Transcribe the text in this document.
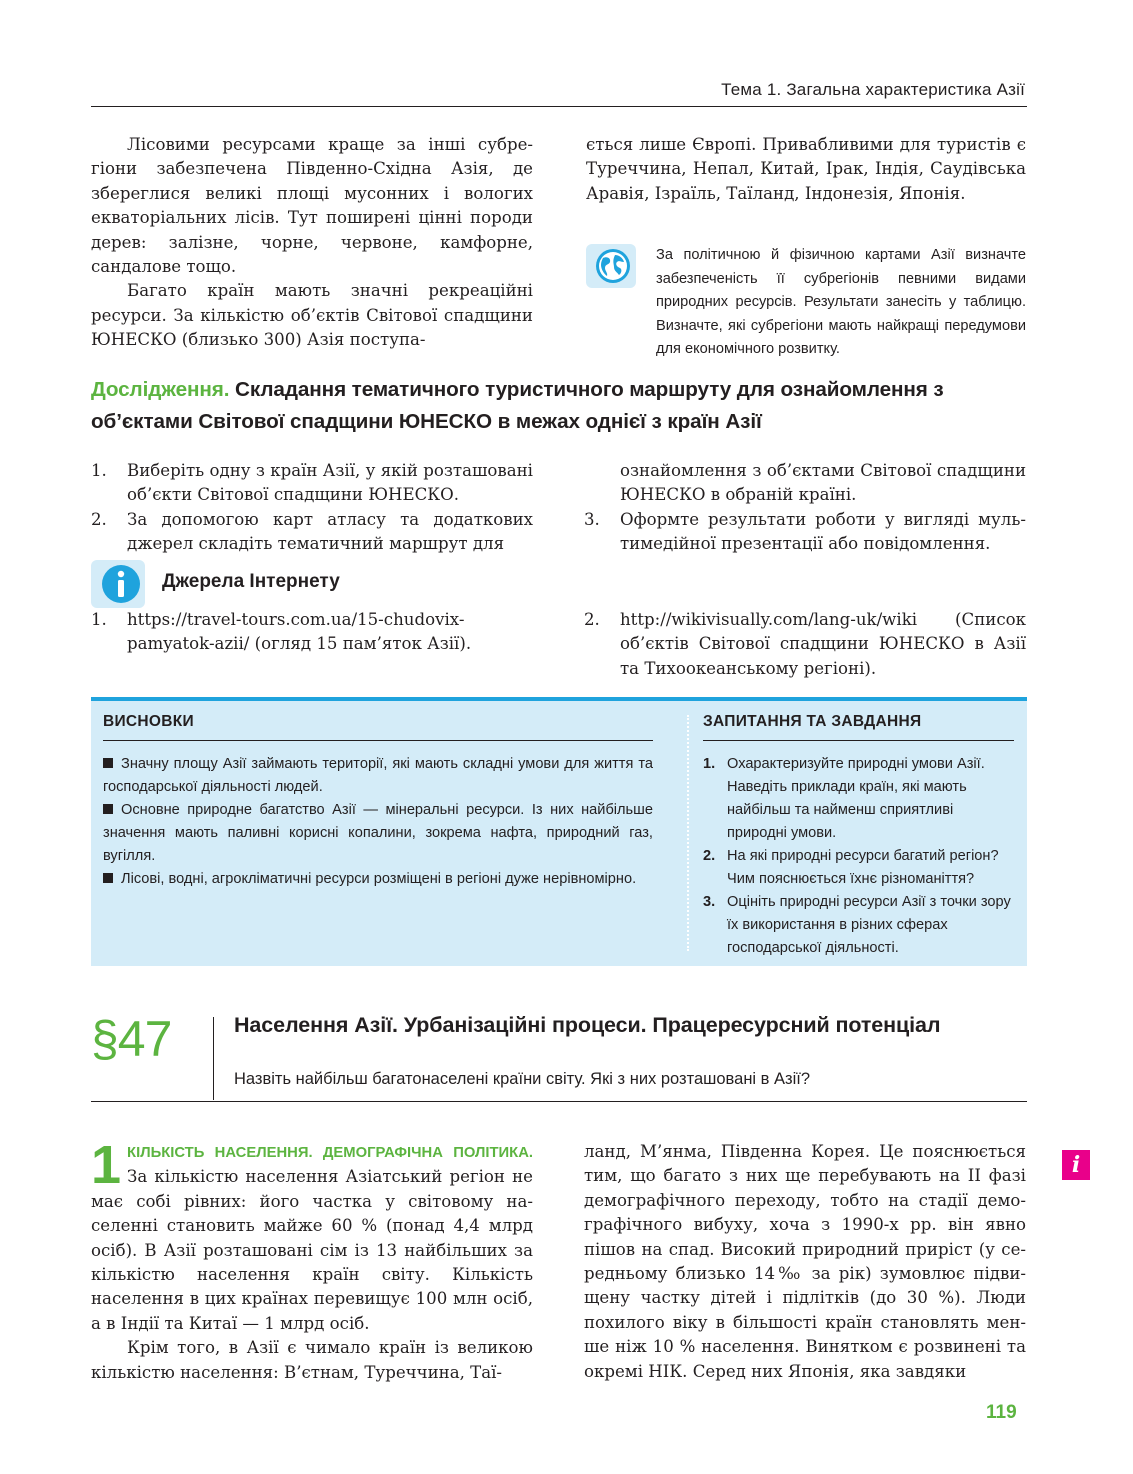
Тема 1. Загальна характеристика Азії

Лісовими ресурсами краще за інші субрегіони забезпечена Південно-Східна Азія, де збереглися великі площі мусонних і вологих екваторіальних лісів. Тут поширені цінні породи дерев: залізне, чорне, червоне, камфорне, сандалове тощо.

Багато країн мають значні рекреаційні ресурси. За кількістю об’єктів Світової спадщини ЮНЕСКО (близько 300) Азія поступа-

ється лише Європі. Привабливими для туристів є Туреччина, Непал, Китай, Ірак, Індія, Саудівська Аравія, Ізраїль, Таїланд, Індонезія, Японія.

За політичною й фізичною картами Азії визначте забезпеченість її субрегіонів певними видами природних ресурсів. Результати занесіть у таблицю. Визначте, які субрегіони мають найкращі передумови для економічного розвитку.

Дослідження. Складання тематичного туристичного маршруту для ознайомлення з об’єктами Світової спадщини ЮНЕСКО в межах однієї з країн Азії

1. Виберіть одну з країн Азії, у якій розташовані об’єкти Світової спадщини ЮНЕСКО.
2. За допомогою карт атласу та додаткових джерел складіть тематичний маршрут для
ознайомлення з об’єктами Світової спадщини ЮНЕСКО в обраній країні.
3. Оформте результати роботи у вигляді мультимедійної презентації або повідомлення.
Джерела Інтернету
1. https://travel-tours.com.ua/15-chudovix-pamyatok-azii/ (огляд 15 пам’яток Азії).
2. http://wikivisually.com/lang-uk/wiki (Список об’єктів Світової спадщини ЮНЕСКО в Азії та Тихоокеанському регіоні).
ВИСНОВКИ

Значну площу Азії займають території, які мають складні умови для життя та господарської діяльності людей.

Основне природне багатство Азії — мінеральні ресурси. Із них найбільше значення мають паливні корисні копалини, зокрема нафта, природний газ, вугілля.

Лісові, водні, агрокліматичні ресурси розміщені в регіоні дуже нерівномірно.

ЗАПИТАННЯ ТА ЗАВДАННЯ
1. Охарактеризуйте природні умови Азії. Наведіть приклади країн, які мають найбільш та найменш сприятливі природні умови.
2. На які природні ресурси багатий регіон? Чим пояснюється їхнє різноманіття?
3. Оцініть природні ресурси Азії з точки зору їх використання в різних сферах господарської діяльності.
§47	Населення Азії. Урбанізаційні процеси. Працересурсний потенціал
Назвіть найбільш багатонаселені країни світу. Які з них розташовані в Азії?

1 КІЛЬКІСТЬ НАСЕЛЕННЯ. ДЕМОГРАФІЧНА ПОЛІТИКА. За кількістю населення Азіатський регіон не має собі рівних: його частка у світовому населенні становить майже 60 % (понад 4,4 млрд осіб). В Азії розташовані сім із 13 найбільших за кількістю населення країн світу. Кількість населення в цих країнах перевищує 100 млн осіб, а в Індії та Китаї — 1 млрд осіб.

Крім того, в Азії є чимало країн із великою кількістю населення: В’єтнам, Туреччина, Таї-

ланд, М’янма, Південна Корея. Це пояснюється тим, що багато з них ще перебувають на ІІ фазі демографічного переходу, тобто на стадії демографічного вибуху, хоча з 1990-х рр. він явно пішов на спад. Високий природний приріст (у середньому близько 14‰ за рік) зумовлює підвищену частку дітей і підлітків (до 30 %). Люди похилого віку в більшості країн становлять менше ніж 10 % населення. Винятком є розвинені та окремі НІК. Серед них Японія, яка завдяки

i
119
